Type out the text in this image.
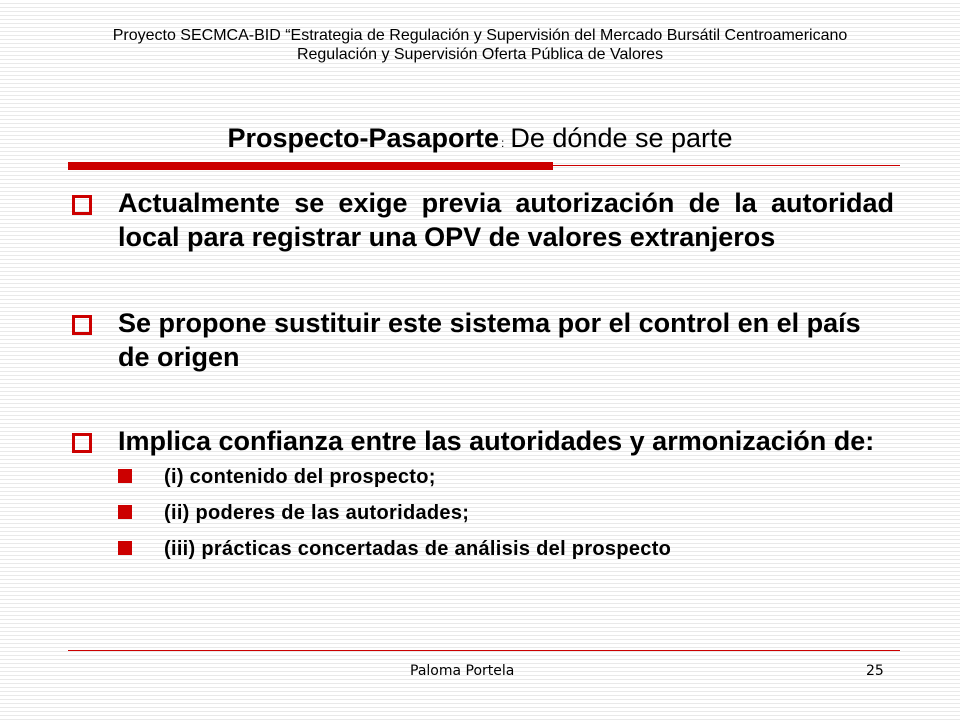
Proyecto SECMCA-BID “Estrategia de Regulación y Supervisión del Mercado Bursátil Centroamericano
Regulación y Supervisión Oferta Pública de Valores
Prospecto-Pasaporte : De dónde se parte
Actualmente se exige previa autorización de la autoridad local para registrar una OPV de valores extranjeros
Se propone sustituir este sistema por el control en el país de origen
Implica confianza entre las autoridades y armonización de:
(i) contenido del prospecto;
(ii) poderes de las autoridades;
(iii) prácticas concertadas de análisis del prospecto
Paloma Portela	25
